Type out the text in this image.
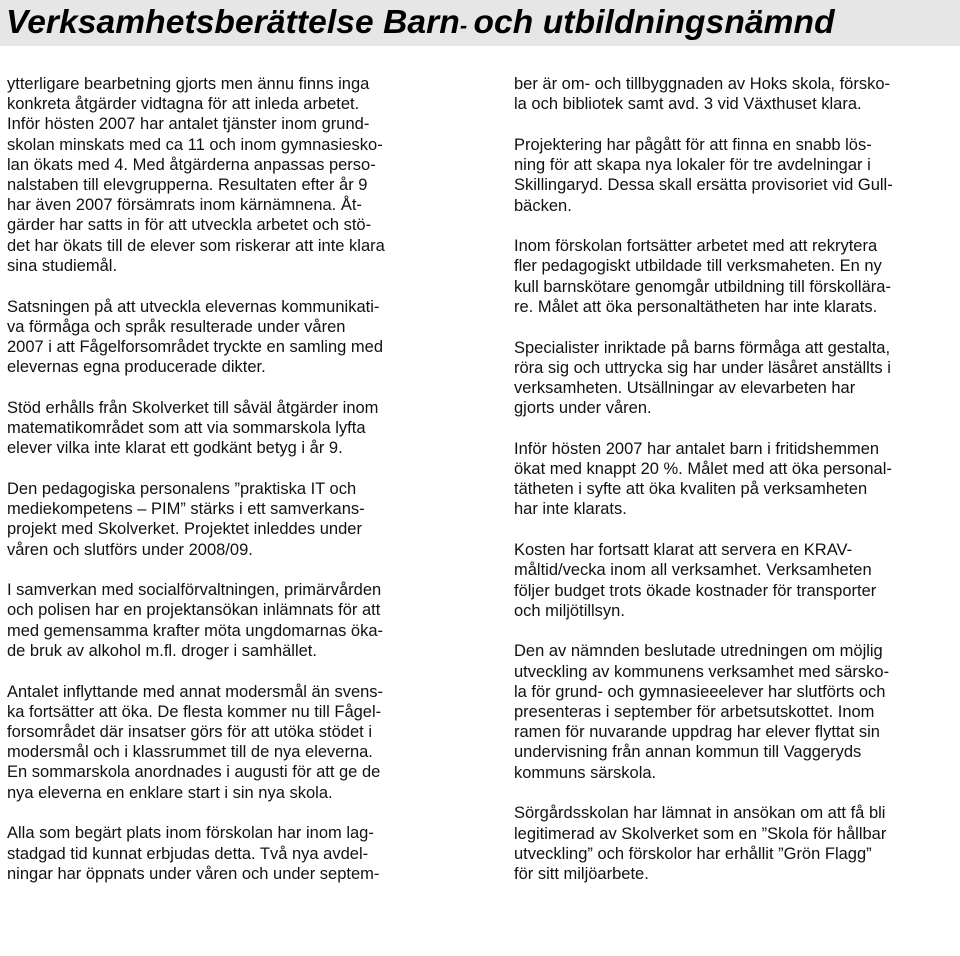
Verksamhetsberättelse Barn- och utbildningsnämnd

ytterligare bearbetning gjorts men ännu finns inga
konkreta åtgärder vidtagna för att inleda arbetet.
Inför hösten 2007 har antalet tjänster inom grund-
skolan minskats med ca 11 och inom gymnasiesko-
lan ökats med 4. Med åtgärderna anpassas perso-
nalstaben till elevgrupperna. Resultaten efter år 9
har även 2007 försämrats inom kärnämnena. Åt-
gärder har satts in för att utveckla arbetet och stö-
det har ökats till de elever som riskerar att inte klara
sina studiemål.

Satsningen på att utveckla elevernas kommunikati-
va förmåga och språk resulterade under våren
2007 i att Fågelforsområdet tryckte en samling med
elevernas egna producerade dikter.

Stöd erhålls från Skolverket till såväl åtgärder inom
matematikområdet som att via sommarskola lyfta
elever vilka inte klarat ett godkänt betyg i år 9.

Den pedagogiska personalens ”praktiska IT och
mediekompetens – PIM” stärks i ett samverkans-
projekt med Skolverket. Projektet inleddes under
våren och slutförs under 2008/09.

I samverkan med socialförvaltningen, primärvården
och polisen har en projektansökan inlämnats för att
med gemensamma krafter möta ungdomarnas öka-
de bruk av alkohol m.fl. droger i samhället.

Antalet inflyttande med annat modersmål än svens-
ka fortsätter att öka. De flesta kommer nu till Fågel-
forsområdet där insatser görs för att utöka stödet i
modersmål och i klassrummet till de nya eleverna.
En sommarskola anordnades i augusti för att ge de
nya eleverna en enklare start i sin nya skola.

Alla som begärt plats inom förskolan har inom lag-
stadgad tid kunnat erbjudas detta. Två nya avdel-
ningar har öppnats under våren och under septem-

ber är om- och tillbyggnaden av Hoks skola, försko-
la och bibliotek samt avd. 3 vid Växthuset klara.

Projektering har pågått för att finna en snabb lös-
ning för att skapa nya lokaler för tre avdelningar i
Skillingaryd. Dessa skall ersätta provisoriet vid Gull-
bäcken.

Inom förskolan fortsätter arbetet med att rekrytera
fler pedagogiskt utbildade till verksmaheten. En ny
kull barnskötare genomgår utbildning till förskollära-
re. Målet att öka personaltätheten har inte klarats.

Specialister inriktade på barns förmåga att gestalta,
röra sig och uttrycka sig har under läsåret anställts i
verksamheten. Utsällningar av elevarbeten har
gjorts under våren.

Inför hösten 2007 har antalet barn i fritidshemmen
ökat med knappt 20 %. Målet med att öka personal-
tätheten i syfte att öka kvaliten på verksamheten
har inte klarats.

Kosten har fortsatt klarat att servera en KRAV-
måltid/vecka inom all verksamhet. Verksamheten
följer budget trots ökade kostnader för transporter
och miljötillsyn.

Den av nämnden beslutade utredningen om möjlig
utveckling av kommunens verksamhet med särsko-
la för grund- och gymnasieeelever har slutförts och
presenteras i september för arbetsutskottet. Inom
ramen för nuvarande uppdrag har elever flyttat sin
undervisning från annan kommun till Vaggeryds
kommuns särskola.

Sörgårdsskolan har lämnat in ansökan om att få bli
legitimerad av Skolverket som en ”Skola för hållbar
utveckling” och förskolor har erhållit ”Grön Flagg”
för sitt miljöarbete.
